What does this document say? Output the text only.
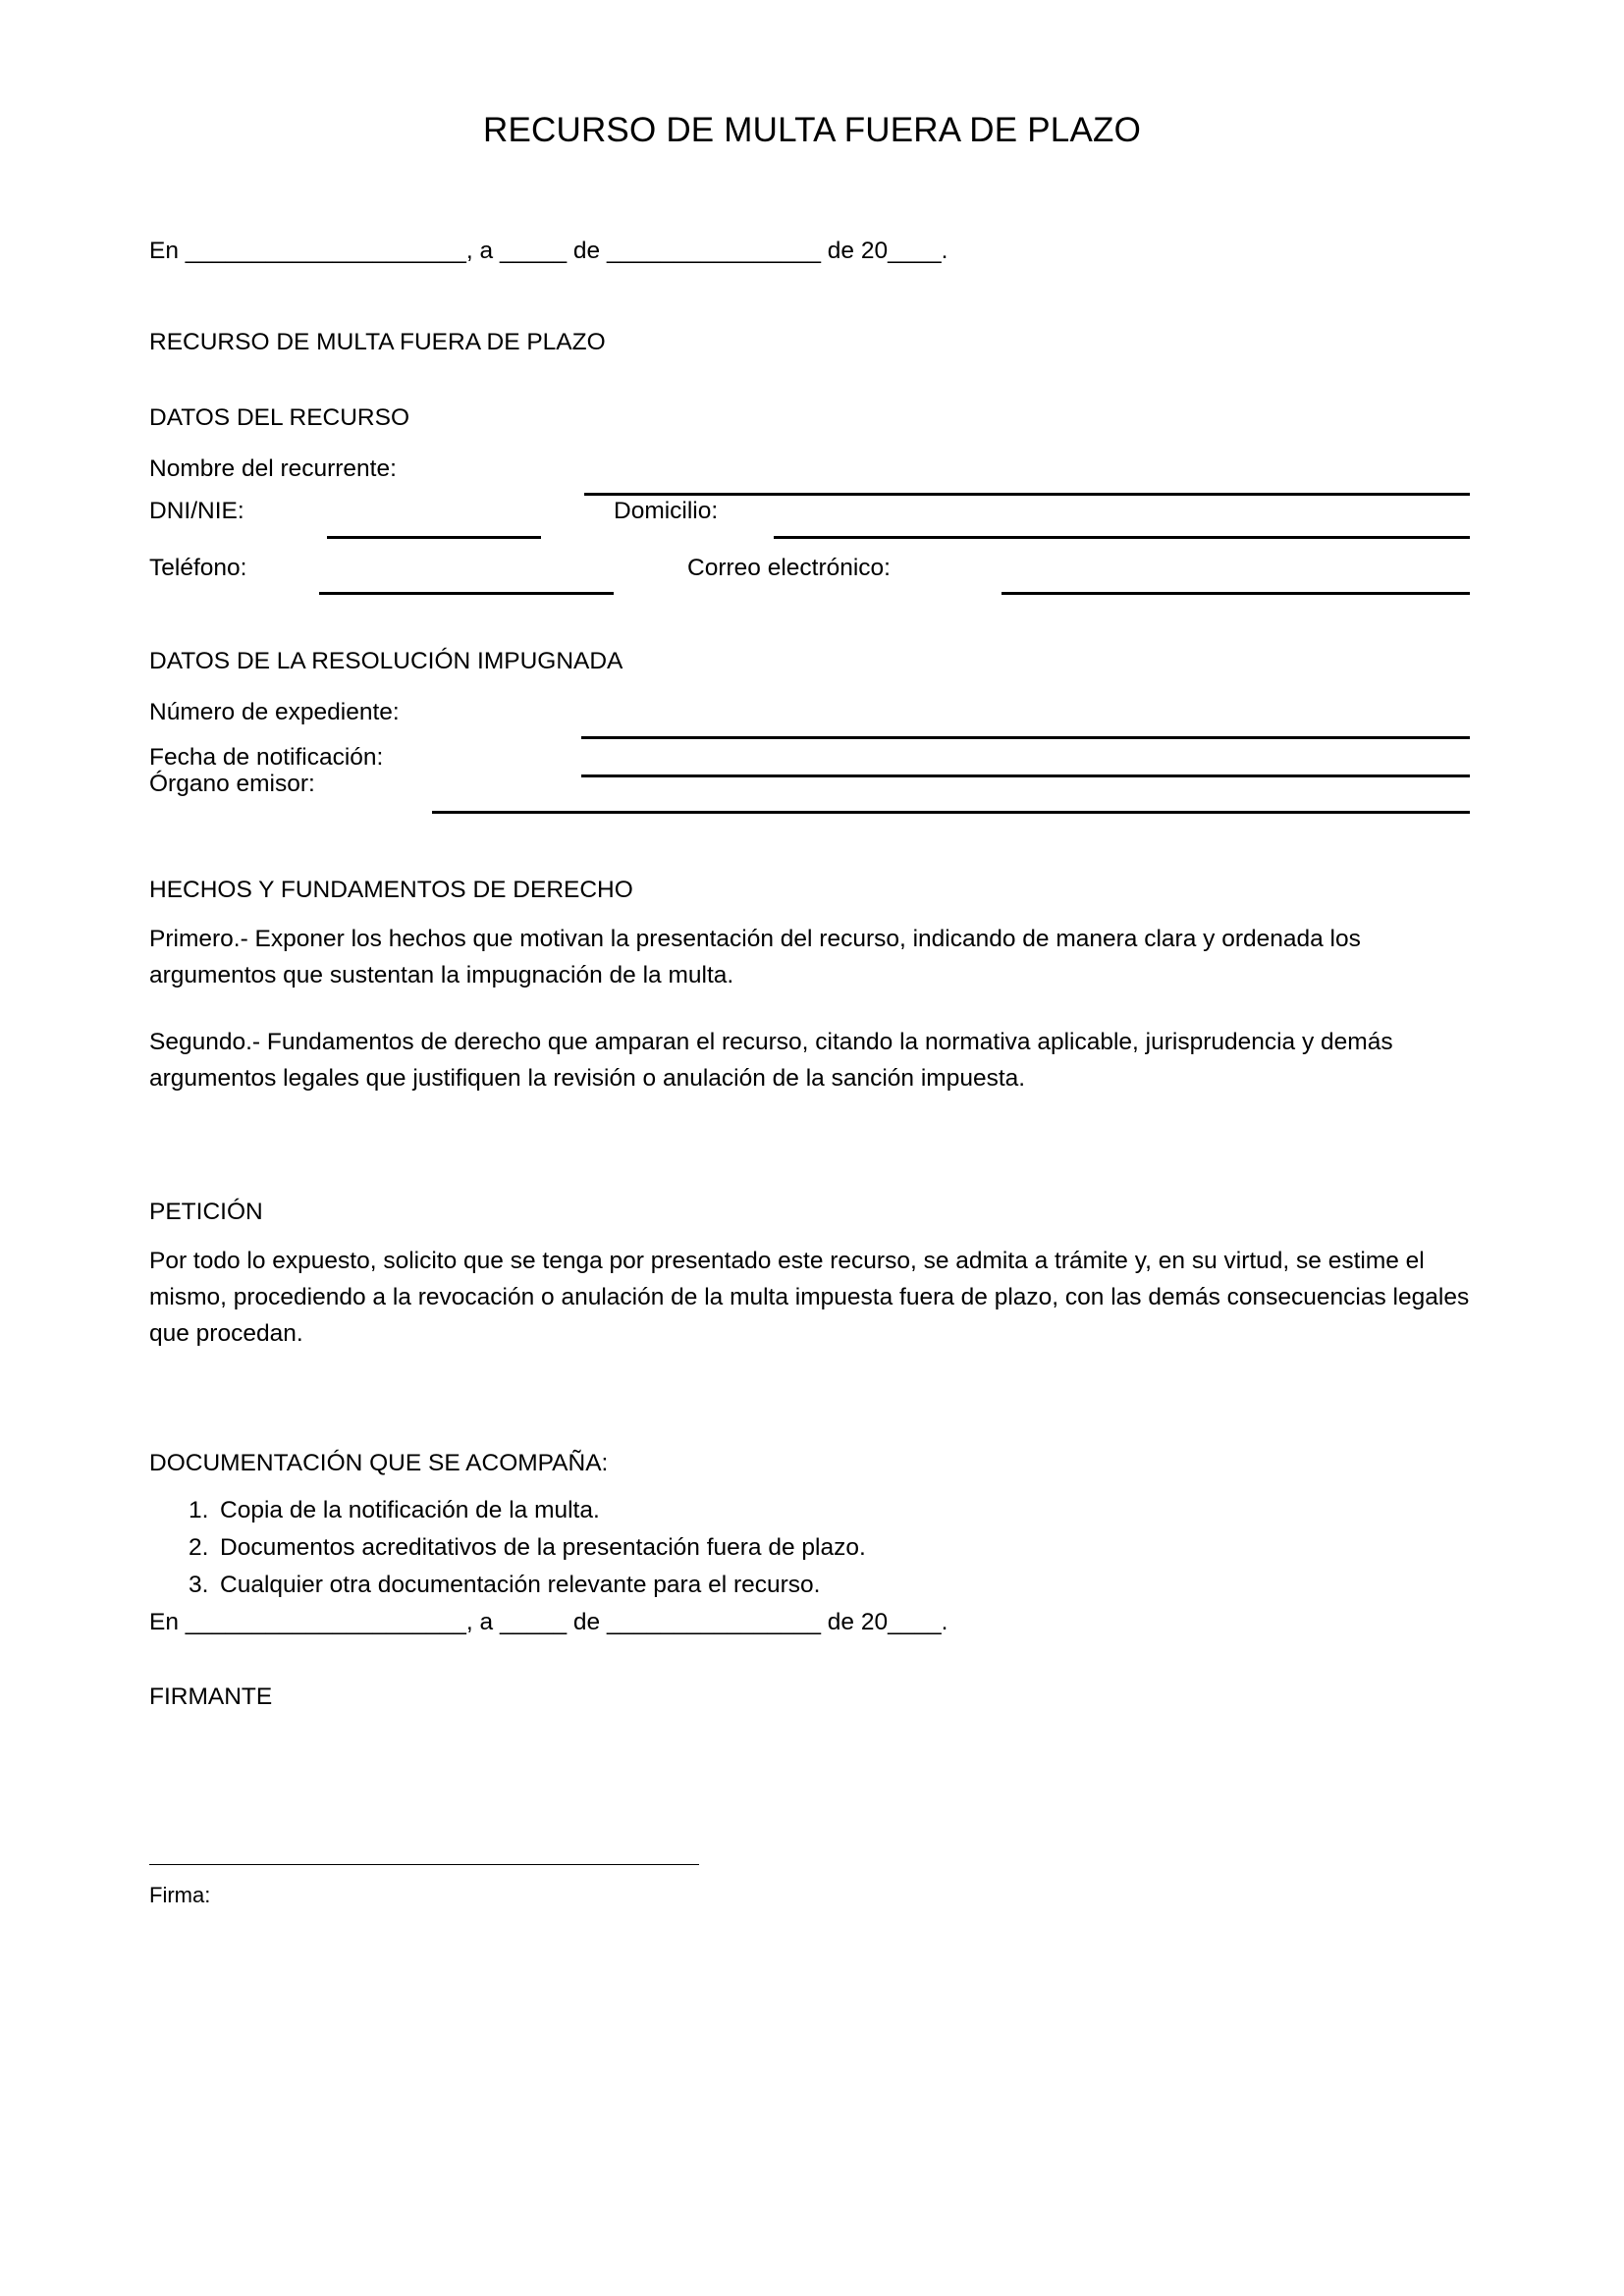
RECURSO DE MULTA FUERA DE PLAZO
En _____________________, a _____ de ________________ de 20____.
RECURSO DE MULTA FUERA DE PLAZO
DATOS DEL RECURSO
Nombre del recurrente:
DNI/NIE:	Domicilio:
Teléfono:	Correo electrónico:
DATOS DE LA RESOLUCIÓN IMPUGNADA
Número de expediente:
Fecha de notificación:
Órgano emisor:
HECHOS Y FUNDAMENTOS DE DERECHO
Primero.- Exponer los hechos que motivan la presentación del recurso, indicando de manera clara y ordenada los argumentos que sustentan la impugnación de la multa.
Segundo.- Fundamentos de derecho que amparan el recurso, citando la normativa aplicable, jurisprudencia y demás argumentos legales que justifiquen la revisión o anulación de la sanción impuesta.
PETICIÓN
Por todo lo expuesto, solicito que se tenga por presentado este recurso, se admita a trámite y, en su virtud, se estime el mismo, procediendo a la revocación o anulación de la multa impuesta fuera de plazo, con las demás consecuencias legales que procedan.
DOCUMENTACIÓN QUE SE ACOMPAÑA:
1. Copia de la notificación de la multa.
2. Documentos acreditativos de la presentación fuera de plazo.
3. Cualquier otra documentación relevante para el recurso.
En _____________________, a _____ de ________________ de 20____.
FIRMANTE
Firma:
